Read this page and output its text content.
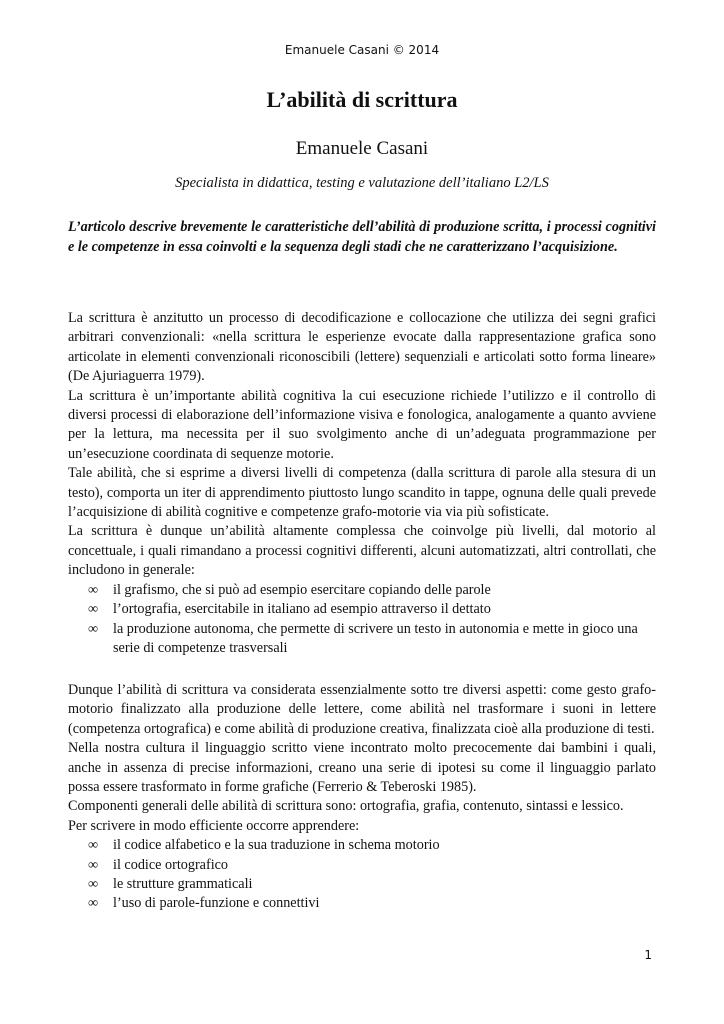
Emanuele Casani © 2014
L’abilità di scrittura
Emanuele Casani
Specialista in didattica, testing e valutazione dell’italiano L2/LS

L’articolo descrive brevemente le caratteristiche dell’abilità di produzione scritta, i processi cognitivi e le competenze in essa coinvolti e la sequenza degli stadi che ne caratterizzano l’acquisizione.

La scrittura è anzitutto un processo di decodificazione e collocazione che utilizza dei segni grafici arbitrari convenzionali: «nella scrittura le esperienze evocate dalla rappresentazione grafica sono articolate in elementi convenzionali riconoscibili (lettere) sequenziali e articolati sotto forma lineare» (De Ajuriaguerra 1979).

La scrittura è un’importante abilità cognitiva la cui esecuzione richiede l’utilizzo e il controllo di diversi processi di elaborazione dell’informazione visiva e fonologica, analogamente a quanto avviene per la lettura, ma necessita per il suo svolgimento anche di un’adeguata programmazione per un’esecuzione coordinata di sequenze motorie.

Tale abilità, che si esprime a diversi livelli di competenza (dalla scrittura di parole alla stesura di un testo), comporta un iter di apprendimento piuttosto lungo scandito in tappe, ognuna delle quali prevede l’acquisizione di abilità cognitive e competenze grafo-motorie via via più sofisticate.

La scrittura è dunque un’abilità altamente complessa che coinvolge più livelli, dal motorio al concettuale, i quali rimandano a processi cognitivi differenti, alcuni automatizzati, altri controllati, che includono in generale:

∞	il grafismo, che si può ad esempio esercitare copiando delle parole
∞	l’ortografia, esercitabile in italiano ad esempio attraverso il dettato
∞	la produzione autonoma, che permette di scrivere un testo in autonomia e mette in gioco una serie di competenze trasversali

Dunque l’abilità di scrittura va considerata essenzialmente sotto tre diversi aspetti: come gesto grafo-motorio finalizzato alla produzione delle lettere, come abilità nel trasformare i suoni in lettere (competenza ortografica) e come abilità di produzione creativa, finalizzata cioè alla produzione di testi.

Nella nostra cultura il linguaggio scritto viene incontrato molto precocemente dai bambini i quali, anche in assenza di precise informazioni, creano una serie di ipotesi su come il linguaggio parlato possa essere trasformato in forme grafiche (Ferrerio & Teberoski 1985).

Componenti generali delle abilità di scrittura sono: ortografia, grafia, contenuto, sintassi e lessico.

Per scrivere in modo efficiente occorre apprendere:

∞	il codice alfabetico e la sua traduzione in schema motorio
∞	il codice ortografico
∞	le strutture grammaticali
∞	l’uso di parole-funzione e connettivi
1
